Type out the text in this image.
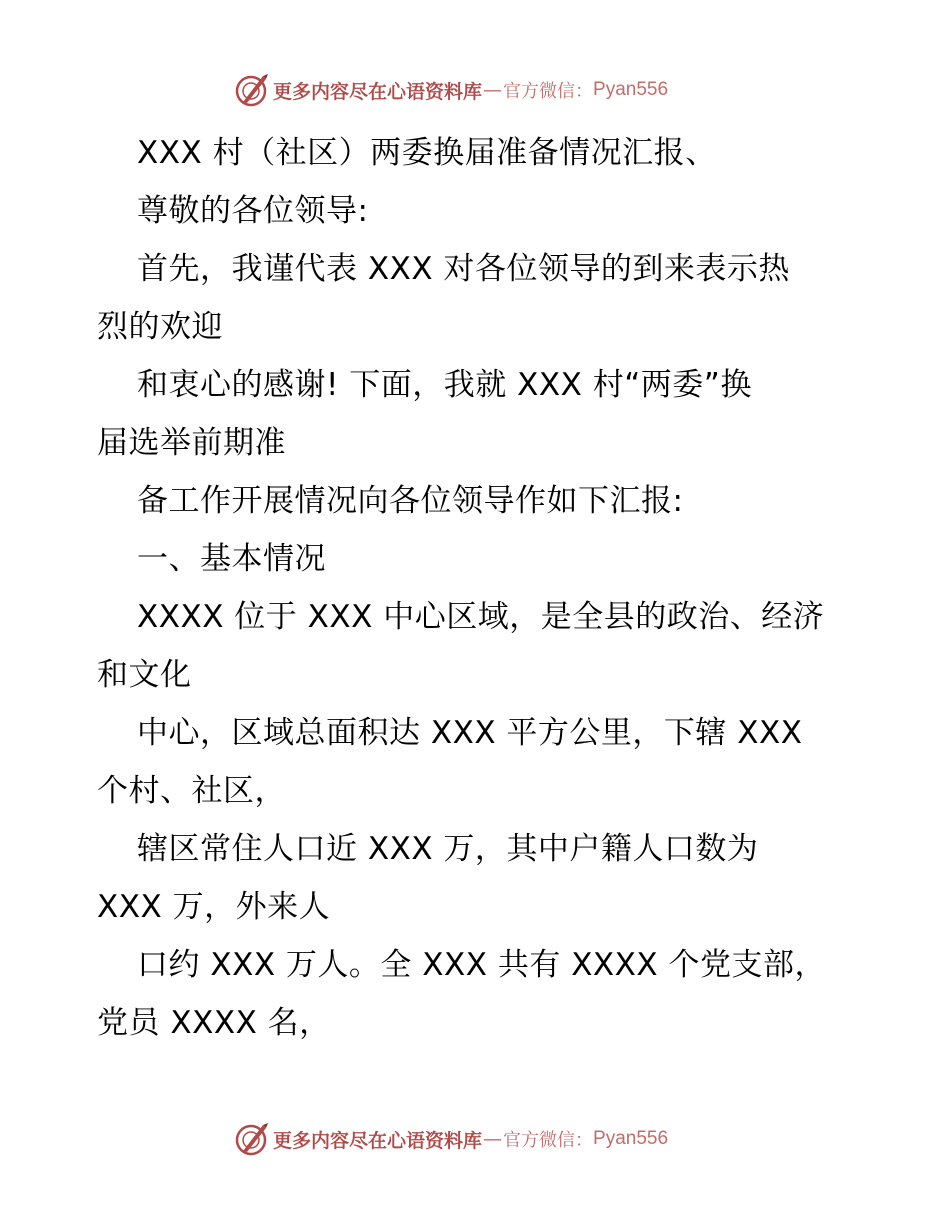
更多内容尽在心语资料库 — 官方微信： Pyan556
XXX 村（社区）两委换届准备情况汇报、
尊敬的各位领导:
首先，我谨代表 XXX 对各位领导的到来表示热
烈的欢迎
和衷心的感谢! 下面，我就 XXX 村“两委”换
届选举前期准
备工作开展情况向各位领导作如下汇报:
一、基本情况
XXXX 位于 XXX 中心区域，是全县的政治、经济
和文化
中心，区域总面积达 XXX 平方公里，下辖 XXX
个村、社区，
辖区常住人口近 XXX 万，其中户籍人口数为
XXX 万，外来人
口约 XXX 万人。全 XXX 共有 XXXX 个党支部，
党员 XXXX 名，
更多内容尽在心语资料库 — 官方微信： Pyan556
